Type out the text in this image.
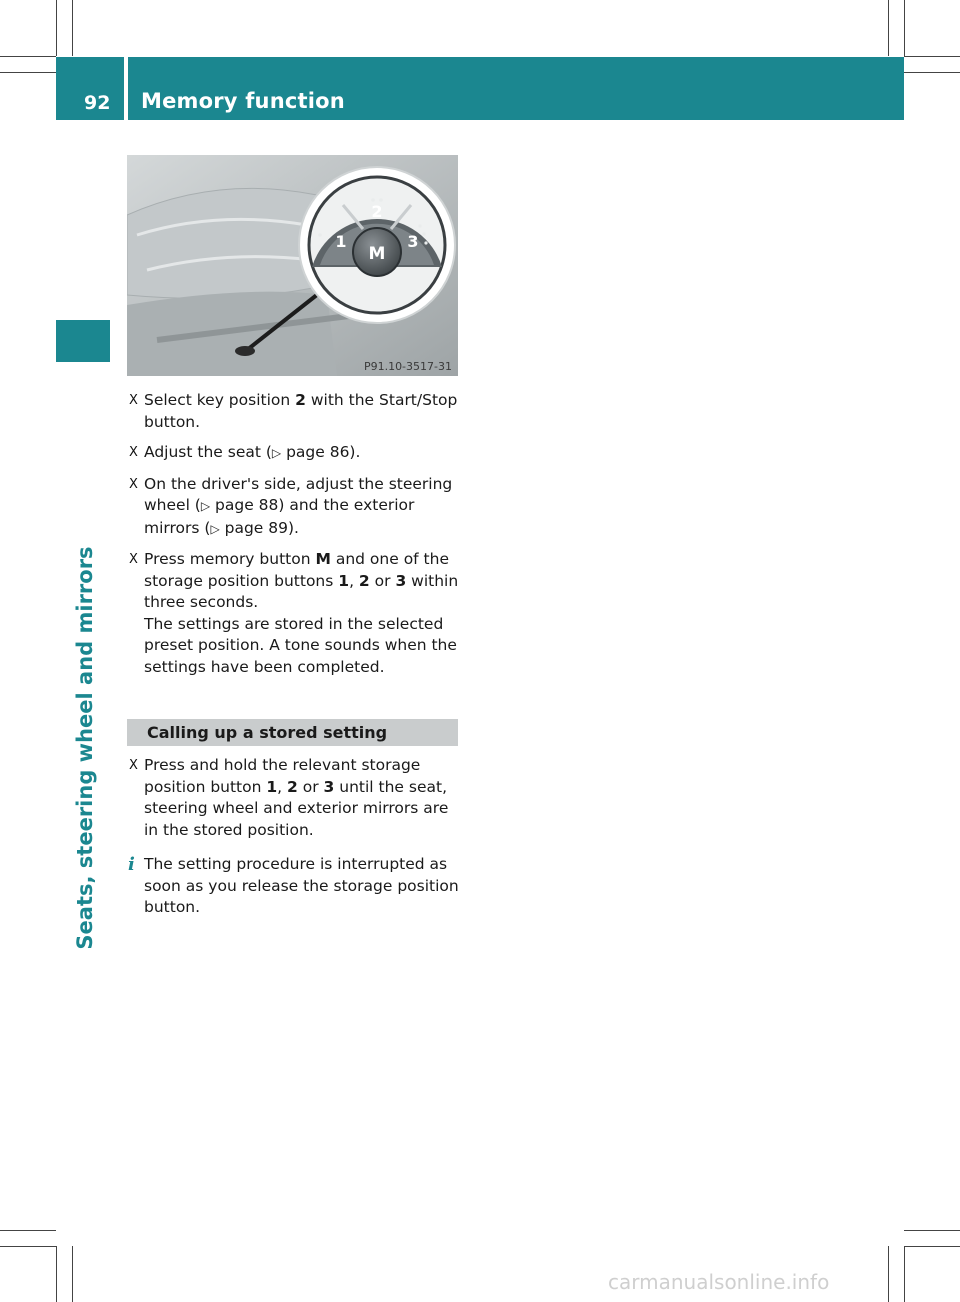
92 Memory function
Seats, steering wheel and mirrors
2
1	3
M
P91.10-3517-31
X Select key position 2 with the Start/Stop button.
X Adjust the seat (▷ page 86).
X On the driver's side, adjust the steering wheel (▷ page 88) and the exterior mirrors (▷ page 89).
X Press memory button M and one of the storage position buttons 1, 2 or 3 within three seconds.
The settings are stored in the selected preset position. A tone sounds when the settings have been completed.
Calling up a stored setting
X Press and hold the relevant storage position button 1, 2 or 3 until the seat, steering wheel and exterior mirrors are in the stored position.
i The setting procedure is interrupted as soon as you release the storage position button.
carmanualsonline.info
